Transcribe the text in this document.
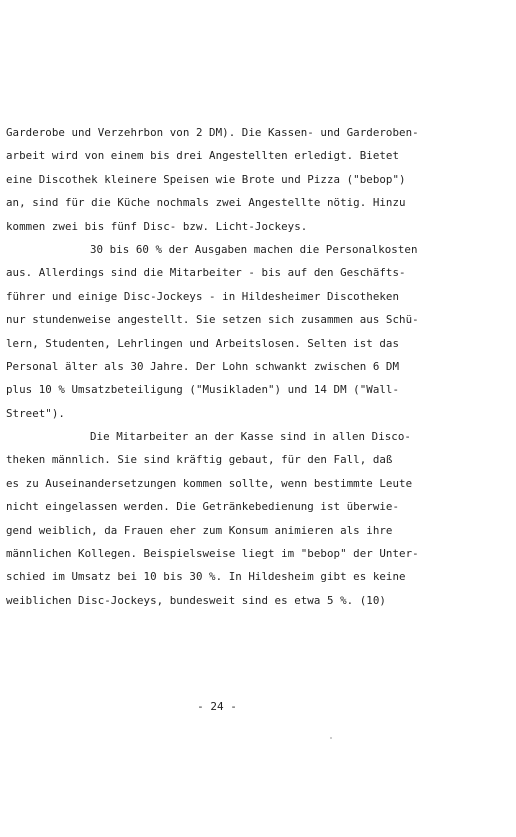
Garderobe und Verzehrbon von 2 DM). Die Kassen- und Garderoben-
arbeit wird von einem bis drei Angestellten erledigt. Bietet
eine Discothek kleinere Speisen wie Brote und Pizza ("bebop")
an, sind für die Küche nochmals zwei Angestellte nötig. Hinzu
kommen zwei bis fünf Disc- bzw. Licht-Jockeys.
30 bis 60 % der Ausgaben machen die Personalkosten
aus. Allerdings sind die Mitarbeiter - bis auf den Geschäfts-
führer und einige Disc-Jockeys - in Hildesheimer Discotheken
nur stundenweise angestellt. Sie setzen sich zusammen aus Schü-
lern, Studenten, Lehrlingen und Arbeitslosen. Selten ist das
Personal älter als 30 Jahre. Der Lohn schwankt zwischen 6 DM
plus 10 % Umsatzbeteiligung ("Musikladen") und 14 DM ("Wall-
Street").
Die Mitarbeiter an der Kasse sind in allen Disco-
theken männlich. Sie sind kräftig gebaut, für den Fall, daß
es zu Auseinandersetzungen kommen sollte, wenn bestimmte Leute
nicht eingelassen werden. Die Getränkebedienung ist überwie-
gend weiblich, da Frauen eher zum Konsum animieren als ihre
männlichen Kollegen. Beispielsweise liegt im "bebop" der Unter-
schied im Umsatz bei 10 bis 30 %. In Hildesheim gibt es keine
weiblichen Disc-Jockeys, bundesweit sind es etwa 5 %. (10)
- 24 -
